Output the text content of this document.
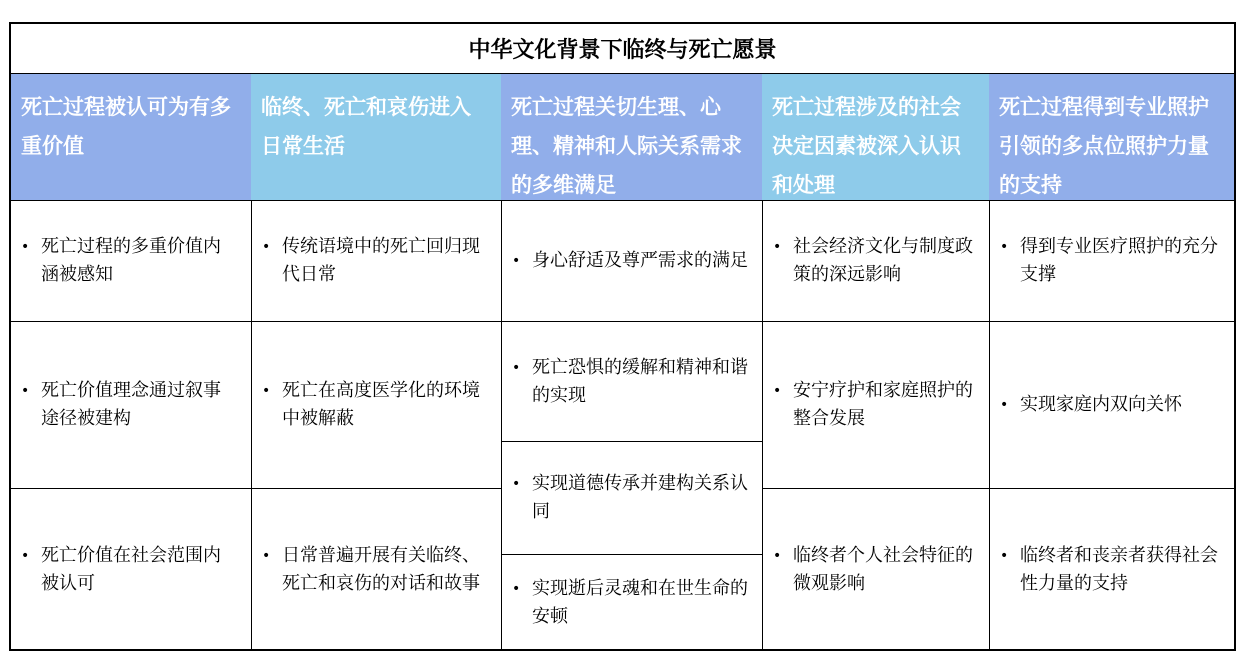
中华文化背景下临终与死亡愿景
死亡过程被认可为有多重价值
临终、死亡和哀伤进入日常生活
死亡过程关切生理、心理、精神和人际关系需求的多维满足
死亡过程涉及的社会决定因素被深入认识和处理
死亡过程得到专业照护引领的多点位照护力量的支持
• 死亡过程的多重价值内涵被感知
• 死亡价值理念通过叙事途径被建构
• 死亡价值在社会范围内被认可
• 传统语境中的死亡回归现代日常
• 死亡在高度医学化的环境中被解蔽
• 日常普遍开展有关临终、死亡和哀伤的对话和故事
• 身心舒适及尊严需求的满足
• 死亡恐惧的缓解和精神和谐的实现
• 实现道德传承并建构关系认同
• 实现逝后灵魂和在世生命的安顿
• 社会经济文化与制度政策的深远影响
• 安宁疗护和家庭照护的整合发展
• 临终者个人社会特征的微观影响
• 得到专业医疗照护的充分支撑
• 实现家庭内双向关怀
• 临终者和丧亲者获得社会性力量的支持
